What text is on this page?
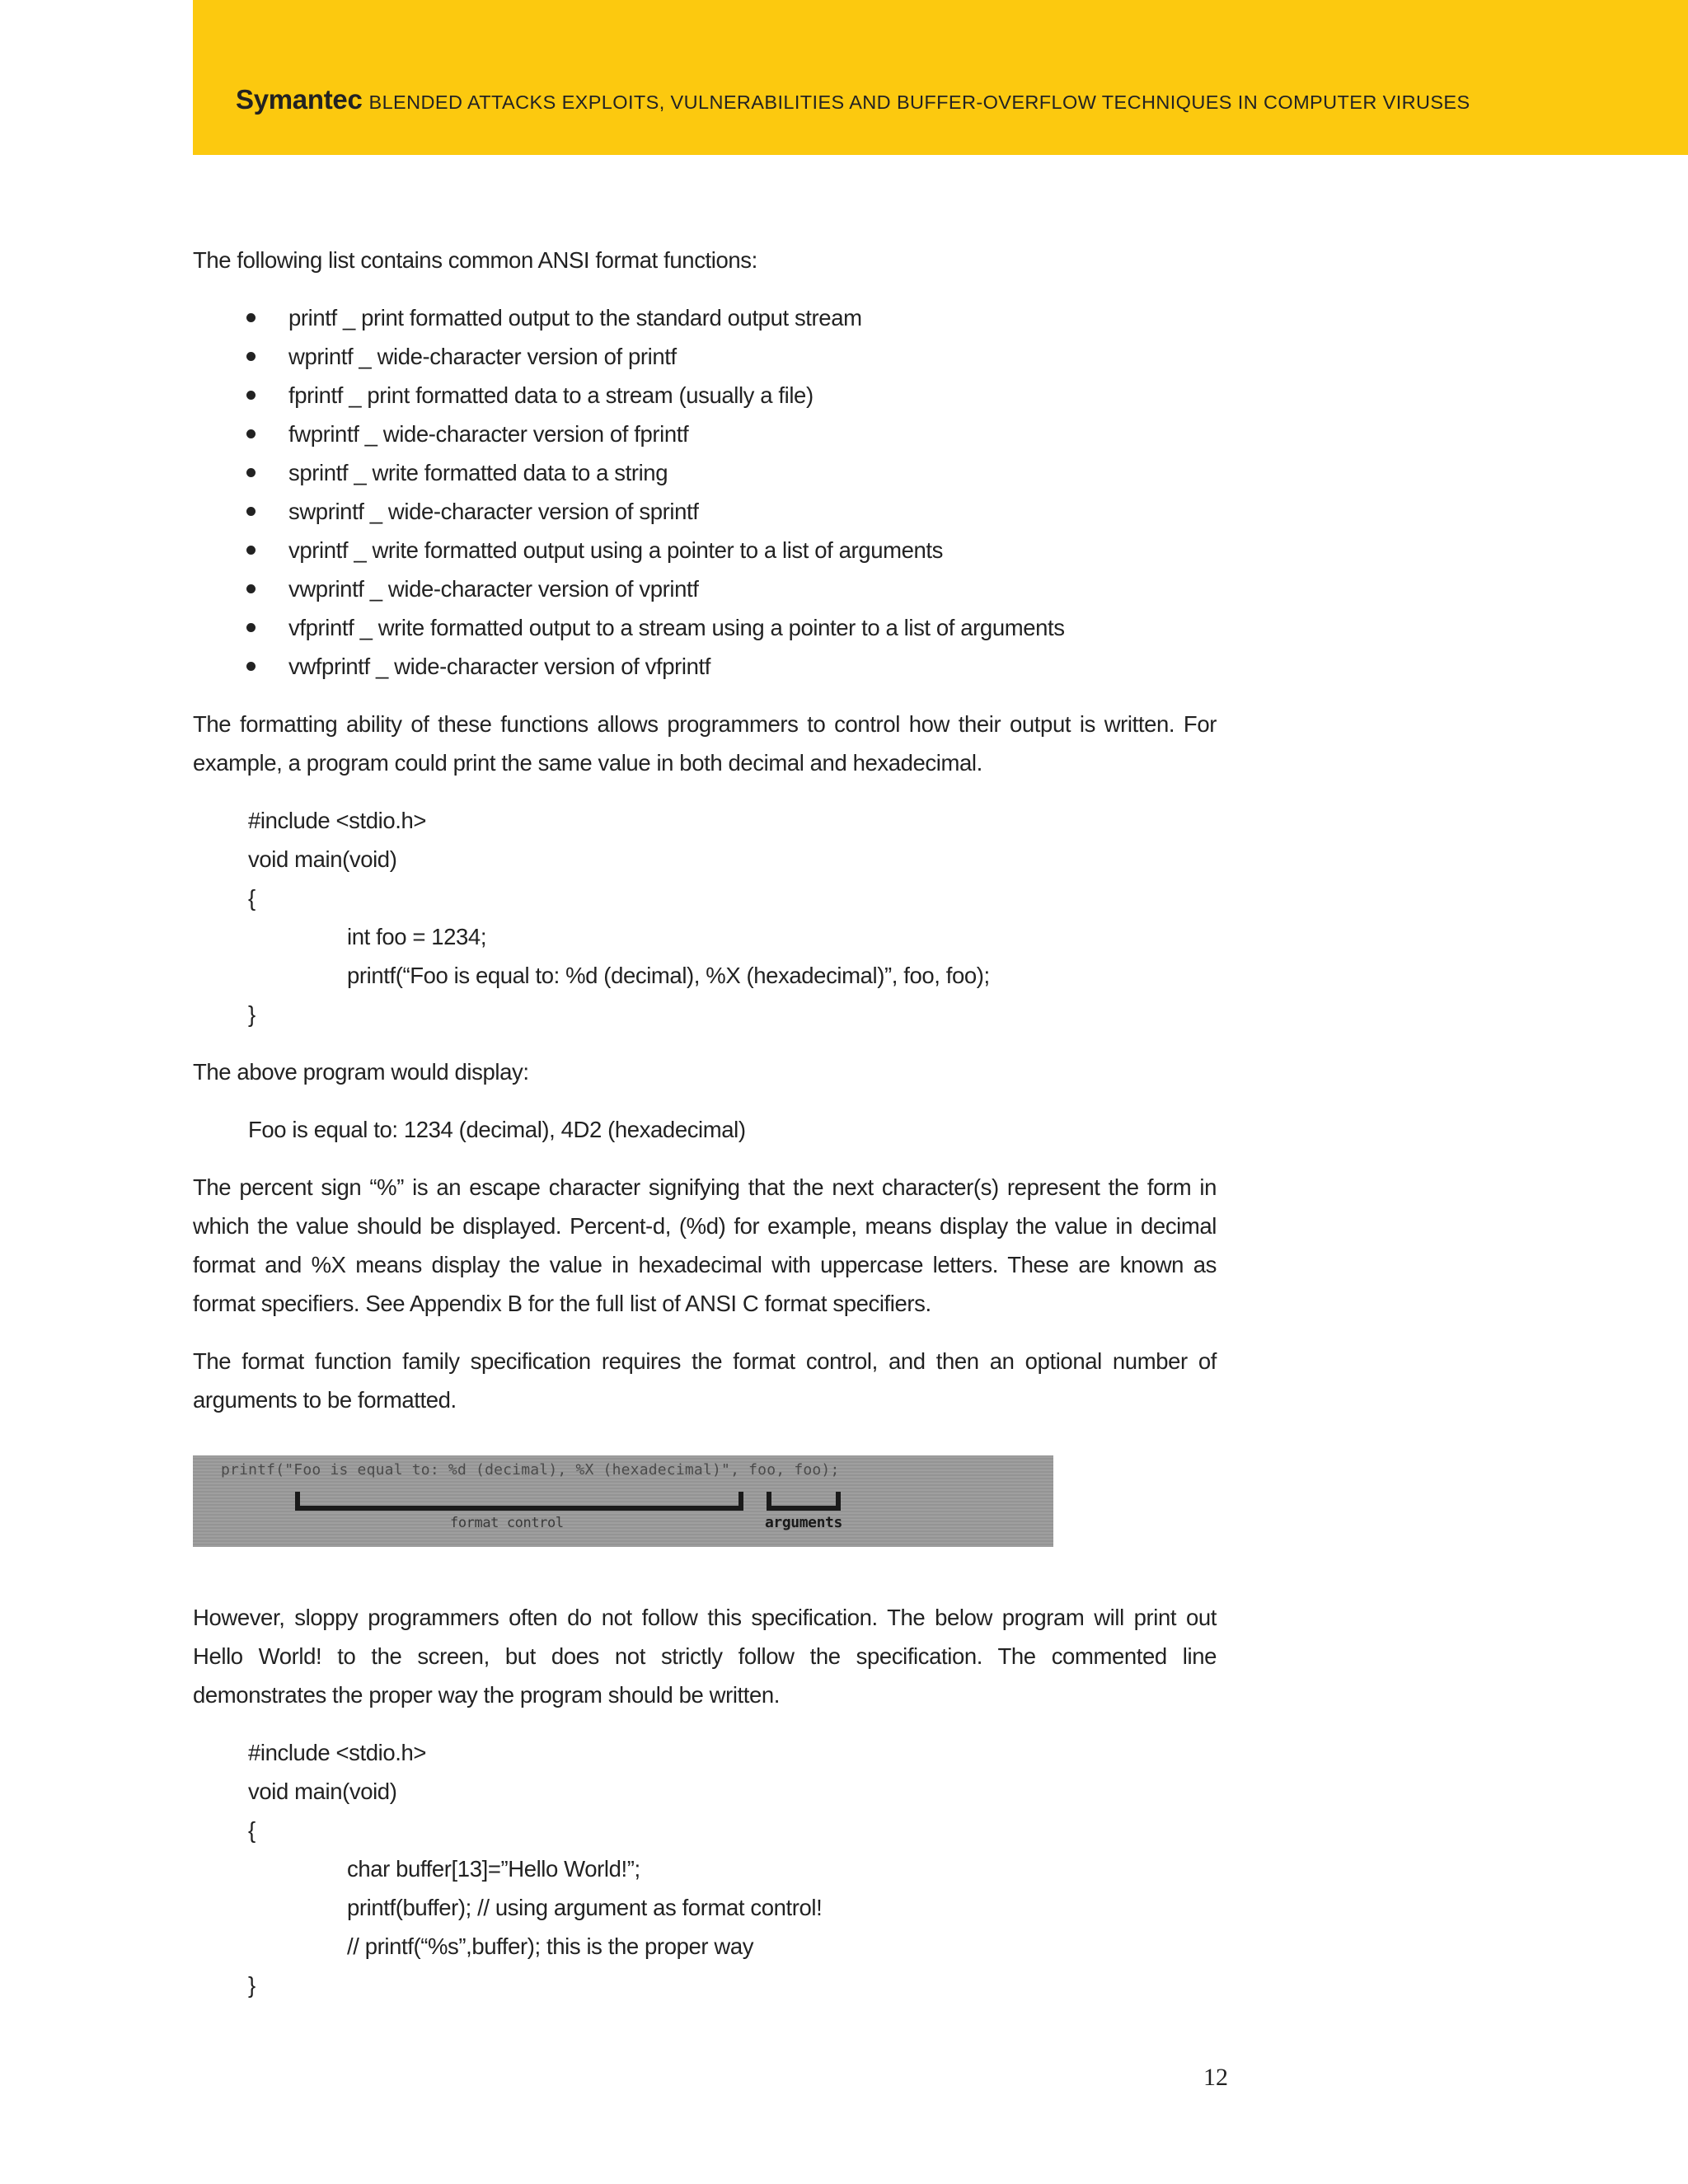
Symantec BLENDED ATTACKS EXPLOITS, VULNERABILITIES AND BUFFER-OVERFLOW TECHNIQUES IN COMPUTER VIRUSES

The following list contains common ANSI format functions:

printf _ print formatted output to the standard output stream
wprintf _ wide-character version of printf
fprintf _ print formatted data to a stream (usually a file)
fwprintf _ wide-character version of fprintf
sprintf _ write formatted data to a string
swprintf _ wide-character version of sprintf
vprintf _ write formatted output using a pointer to a list of arguments
vwprintf _ wide-character version of vprintf
vfprintf _ write formatted output to a stream using a pointer to a list of arguments
vwfprintf _ wide-character version of vfprintf

The formatting ability of these functions allows programmers to control how their output is written. For example, a program could print the same value in both decimal and hexadecimal.

#include <stdio.h>
void main(void)
{
int foo = 1234;
printf(“Foo is equal to: %d (decimal), %X (hexadecimal)”, foo, foo);
}

The above program would display:

Foo is equal to: 1234 (decimal), 4D2 (hexadecimal)

The percent sign “%” is an escape character signifying that the next character(s) represent the form in which the value should be displayed. Percent-d, (%d) for example, means display the value in decimal format and %X means display the value in hexadecimal with uppercase letters. These are known as format specifiers. See Appendix B for the full list of ANSI C format specifiers.

The format function family specification requires the format control, and then an optional number of arguments to be formatted.

printf("Foo is equal to: %d (decimal), %X (hexadecimal)", foo, foo);
format control	arguments

However, sloppy programmers often do not follow this specification. The below program will print out Hello World! to the screen, but does not strictly follow the specification. The commented line demonstrates the proper way the program should be written.

#include <stdio.h>
void main(void)
{
char buffer[13]=”Hello World!”;
printf(buffer); // using argument as format control!
// printf(“%s”,buffer); this is the proper way
}
12
